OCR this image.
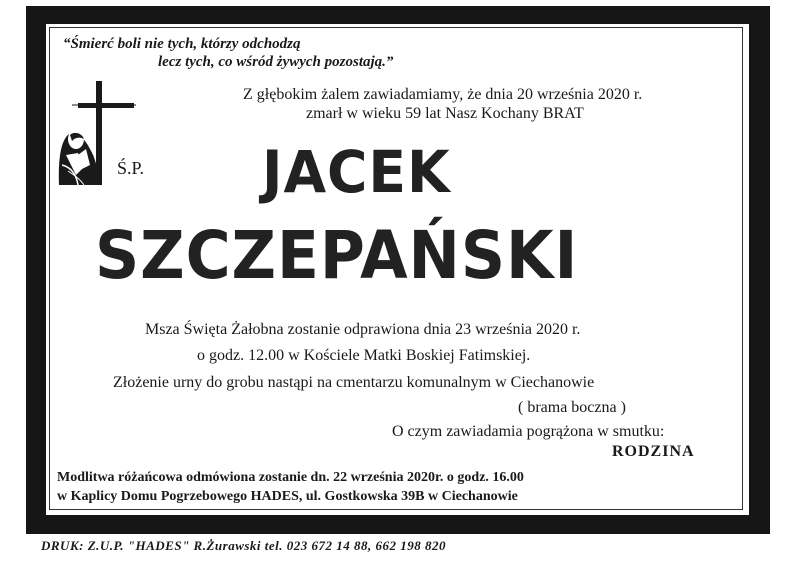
“Śmierć boli nie tych, którzy odchodzą
lecz tych, co wśród żywych pozostają.”
Z głębokim żalem zawiadamiamy, że dnia 20 września 2020 r.
zmarł w wieku 59 lat Nasz Kochany BRAT
Ś.P. JACEK
SZCZEPAŃSKI
Msza Święta Żałobna zostanie odprawiona dnia 23 września 2020 r.
o godz. 12.00 w Kościele Matki Boskiej Fatimskiej.
Złożenie urny do grobu nastąpi na cmentarzu komunalnym w Ciechanowie
( brama boczna )
O czym zawiadamia pogrążona w smutku:
RODZINA
Modlitwa różańcowa odmówiona zostanie dn. 22 września 2020r. o godz. 16.00
w Kaplicy Domu Pogrzebowego HADES, ul. Gostkowska 39B w Ciechanowie
DRUK: Z.U.P. "HADES" R.Żurawski tel. 023 672 14 88, 662 198 820
